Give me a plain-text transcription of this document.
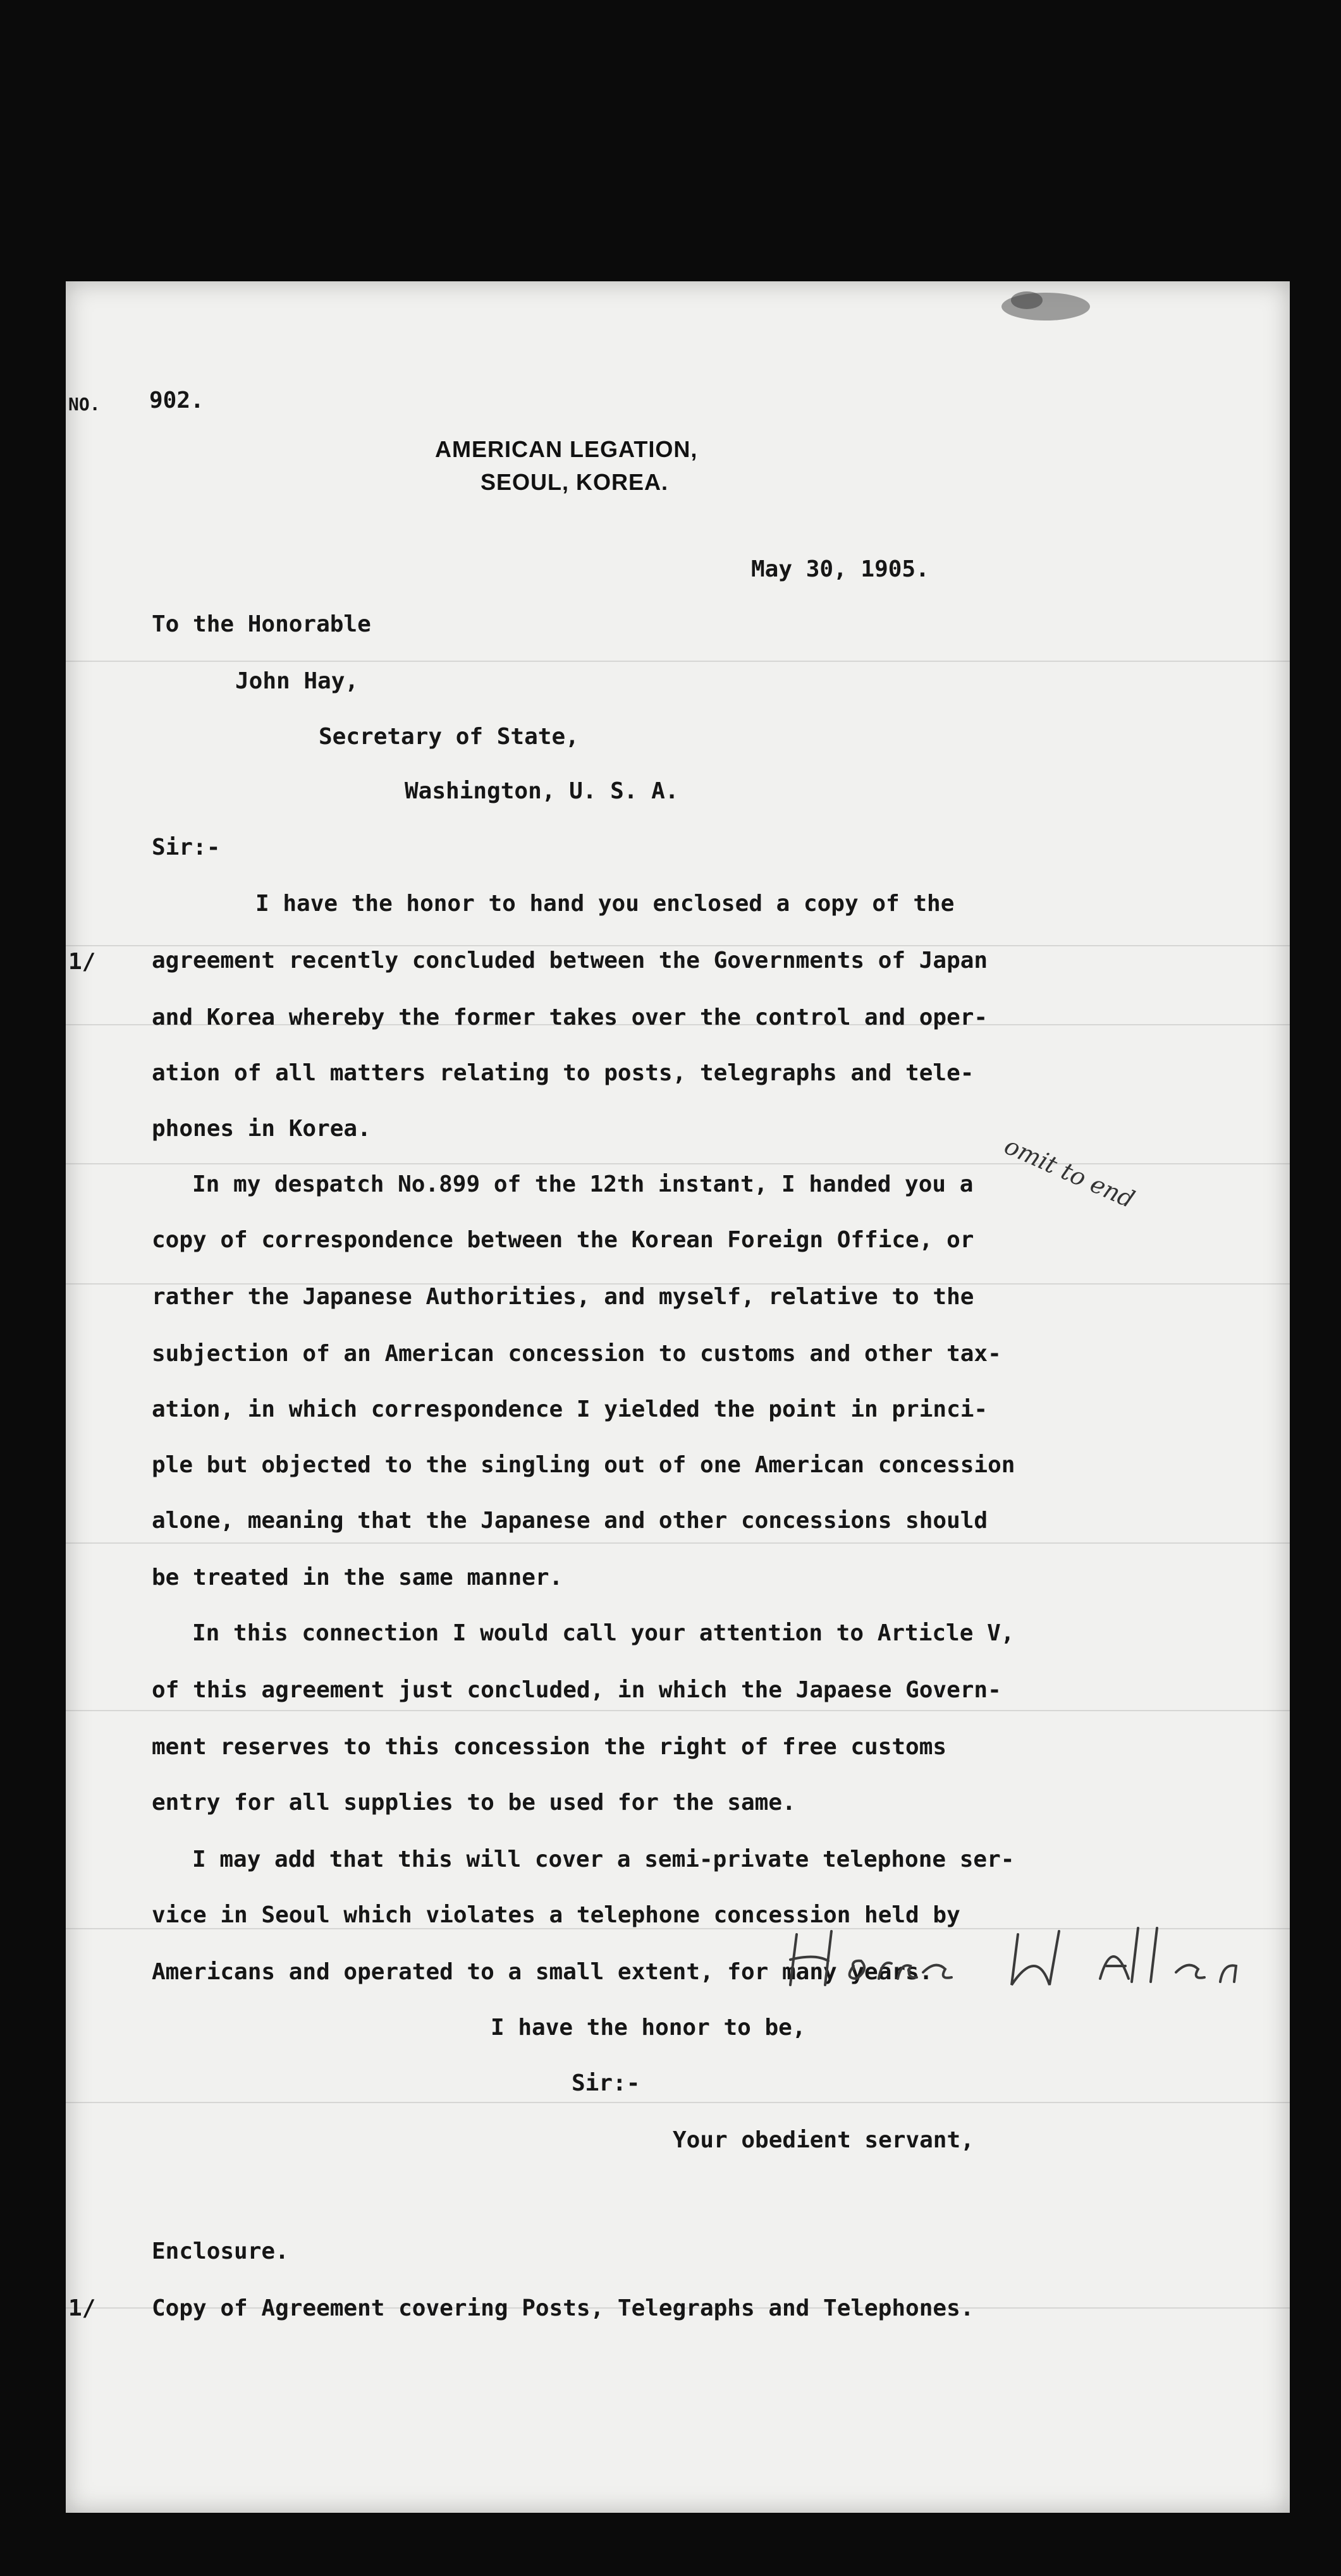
NO. 902.
AMERICAN LEGATION,
SEOUL, KOREA.
May 30, 1905.
To the Honorable
John Hay,
Secretary of State,
Washington, U. S. A.
Sir:-
1/
I have the honor to hand you enclosed a copy of the
agreement recently concluded between the Governments of Japan
and Korea whereby the former takes over the control and oper-
ation of all matters relating to posts, telegraphs and tele-
phones in Korea.
In my despatch No.899 of the 12th instant, I handed you a
copy of correspondence between the Korean Foreign Office, or
rather the Japanese Authorities, and myself, relative to the
subjection of an American concession to customs and other tax-
ation, in which correspondence I yielded the point in princi-
ple but objected to the singling out of one American concession
alone, meaning that the Japanese and other concessions should
be treated in the same manner.
In this connection I would call your attention to Article V,
of this agreement just concluded, in which the Japaese Govern-
ment reserves to this concession the right of free customs
entry for all supplies to be used for the same.
I may add that this will cover a semi-private telephone ser-
vice in Seoul which violates a telephone concession held by
Americans and operated to a small extent, for many years.
I have the honor to be,
Sir:-
Your obedient servant,
Enclosure.
1/ Copy of Agreement covering Posts, Telegraphs and Telephones.
omit to end
